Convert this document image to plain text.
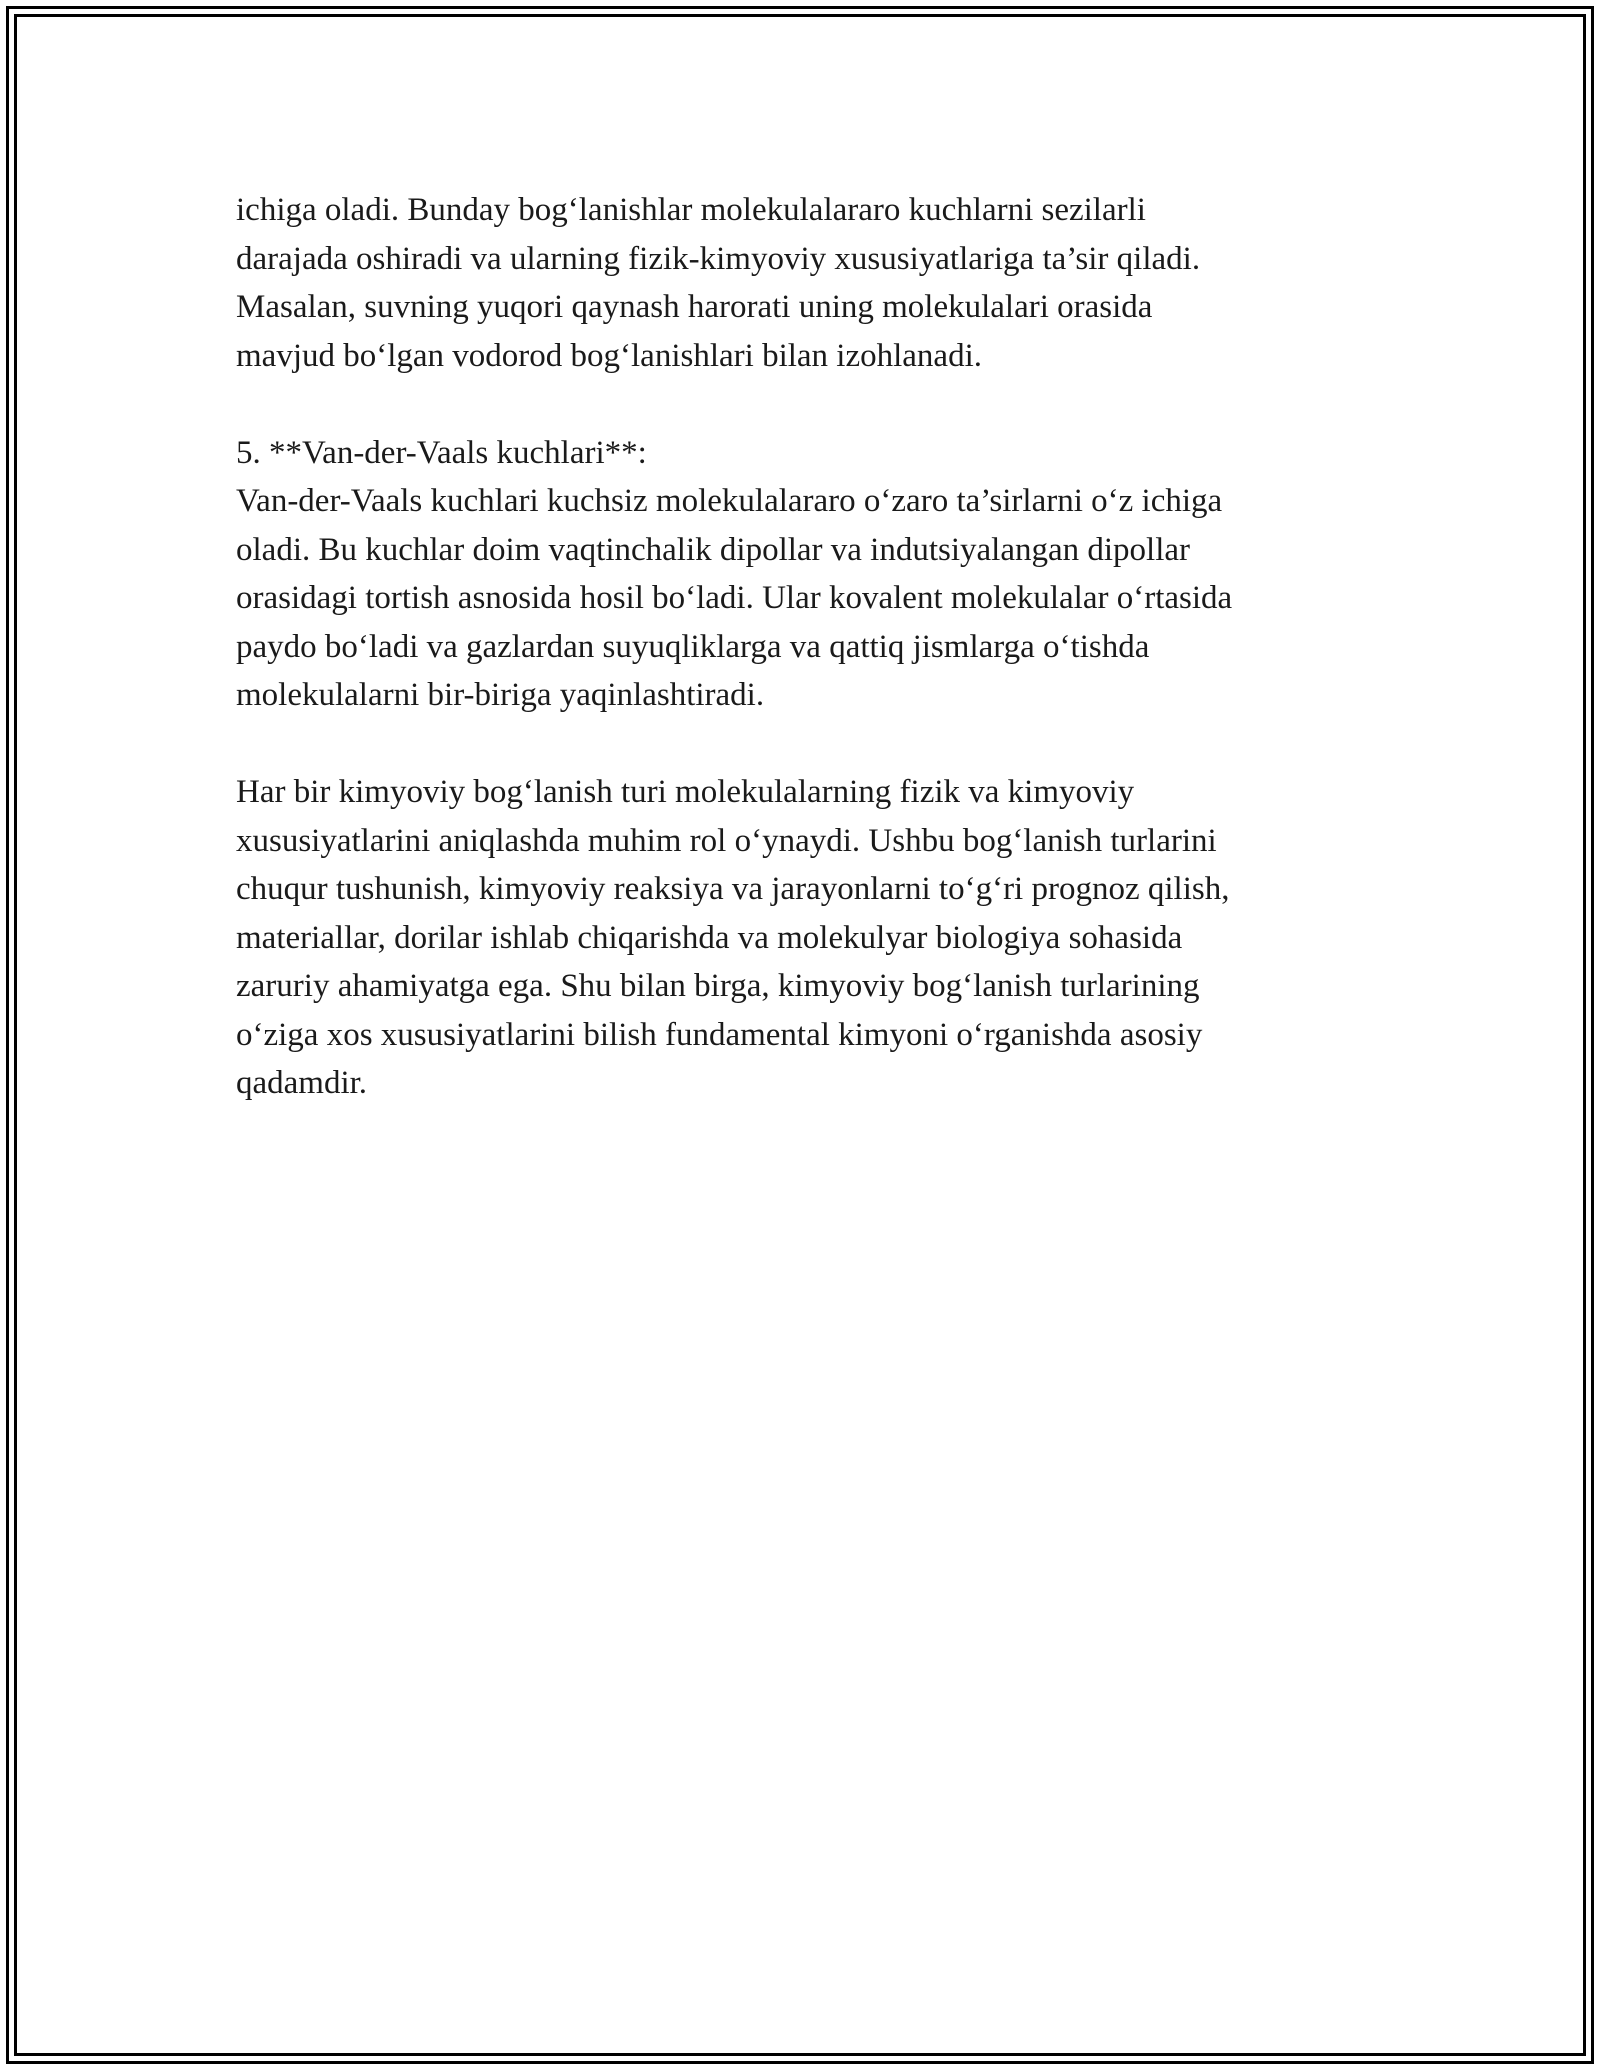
ichiga oladi. Bunday bog‘lanishlar molekulalararo kuchlarni sezilarli
darajada oshiradi va ularning fizik-kimyoviy xususiyatlariga ta’sir qiladi.
Masalan, suvning yuqori qaynash harorati uning molekulalari orasida
mavjud bo‘lgan vodorod bog‘lanishlari bilan izohlanadi.
5. **Van-der-Vaals kuchlari**:
Van-der-Vaals kuchlari kuchsiz molekulalararo o‘zaro ta’sirlarni o‘z ichiga
oladi. Bu kuchlar doim vaqtinchalik dipollar va indutsiyalangan dipollar
orasidagi tortish asnosida hosil bo‘ladi. Ular kovalent molekulalar o‘rtasida
paydo bo‘ladi va gazlardan suyuqliklarga va qattiq jismlarga o‘tishda
molekulalarni bir-biriga yaqinlashtiradi.
Har bir kimyoviy bog‘lanish turi molekulalarning fizik va kimyoviy
xususiyatlarini aniqlashda muhim rol o‘ynaydi. Ushbu bog‘lanish turlarini
chuqur tushunish, kimyoviy reaksiya va jarayonlarni to‘g‘ri prognoz qilish,
materiallar, dorilar ishlab chiqarishda va molekulyar biologiya sohasida
zaruriy ahamiyatga ega. Shu bilan birga, kimyoviy bog‘lanish turlarining
o‘ziga xos xususiyatlarini bilish fundamental kimyoni o‘rganishda asosiy
qadamdir.
